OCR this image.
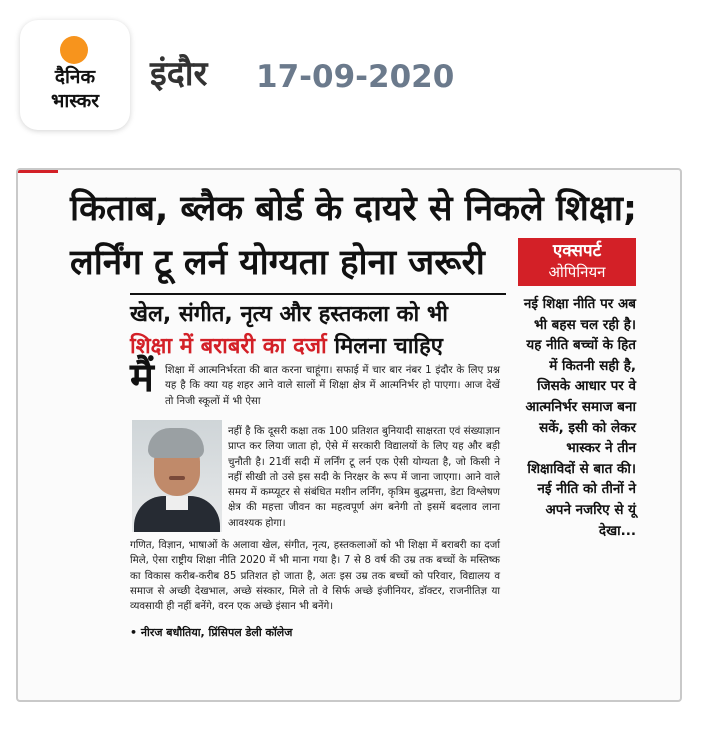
दैनिक
भास्कर
इंदौर 17-09-2020
किताब, ब्लैक बोर्ड के दायरे से निकले शिक्षा;
लर्निंग टू लर्न योग्यता होना जरूरी	एक्सपर्ट
ओपिनियन
नई शिक्षा नीति पर अब भी बहस चल रही है। यह नीति बच्चों के हित में कितनी सही है, जिसके आधार पर वे आत्मनिर्भर समाज बना सकें, इसी को लेकर भास्कर ने तीन शिक्षाविदों से बात की। नई नीति को तीनों ने अपने नजरिए से यूं देखा...
खेल, संगीत, नृत्य और हस्तकला को भी
शिक्षा में बराबरी का दर्जा मिलना चाहिए
मैं शिक्षा में आत्मनिर्भरता की बात करना चाहूंगा। सफाई में चार बार नंबर 1 इंदौर के लिए प्रश्न यह है कि क्या यह शहर आने वाले सालों में शिक्षा क्षेत्र में आत्मनिर्भर हो पाएगा। आज देखें तो निजी स्कूलों में भी ऐसा
नहीं है कि दूसरी कक्षा तक 100 प्रतिशत बुनियादी साक्षरता एवं संख्याज्ञान प्राप्त कर लिया जाता हो, ऐसे में सरकारी विद्यालयों के लिए यह और बड़ी चुनौती है। 21वीं सदी में लर्निंग टू लर्न एक ऐसी योग्यता है, जो किसी ने नहीं सीखी तो उसे इस सदी के निरक्षर के रूप में जाना जाएगा। आने वाले समय में कम्प्यूटर से संबंधित मशीन लर्निंग, कृत्रिम बुद्धमत्ता, डेटा विश्लेषण क्षेत्र की महत्ता जीवन का महत्वपूर्ण अंग बनेगी तो इसमें बदलाव लाना आवश्यक होगा।
गणित, विज्ञान, भाषाओं के अलावा खेल, संगीत, नृत्य, हस्तकलाओं को भी शिक्षा में बराबरी का दर्जा मिले, ऐसा राष्ट्रीय शिक्षा नीति 2020 में भी माना गया है। 7 से 8 वर्ष की उम्र तक बच्चों के मस्तिष्क का विकास करीब-करीब 85 प्रतिशत हो जाता है, अतः इस उम्र तक बच्चों को परिवार, विद्यालय व समाज से अच्छी देखभाल, अच्छे संस्कार, मिले तो वे सिर्फ अच्छे इंजीनियर, डॉक्टर, राजनीतिज्ञ या व्यवसायी ही नहीं बनेंगे, वरन एक अच्छे इंसान भी बनेंगे।
• नीरज बधौतिया, प्रिंसिपल डेली कॉलेज
